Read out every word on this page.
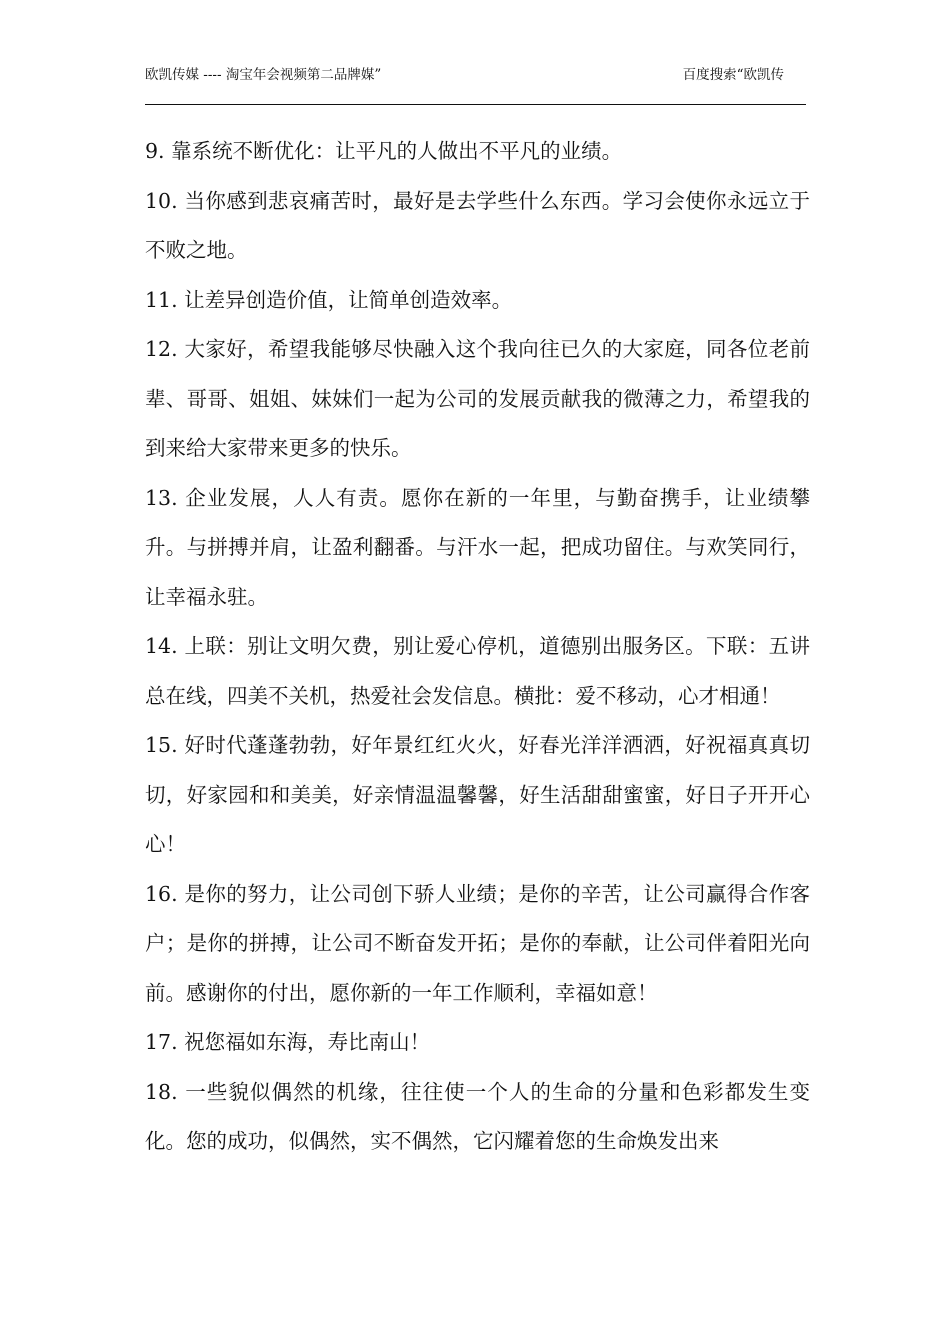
欧凯传媒 ---- 淘宝年会视频第二品牌媒”	百度搜索“欧凯传

9. 靠系统不断优化：让平凡的人做出不平凡的业绩。

10. 当你感到悲哀痛苦时，最好是去学些什么东西。学习会使你永远立于不败之地。

11. 让差异创造价值，让简单创造效率。

12. 大家好，希望我能够尽快融入这个我向往已久的大家庭，同各位老前辈、哥哥、姐姐、妹妹们一起为公司的发展贡献我的微薄之力，希望我的到来给大家带来更多的快乐。

13. 企业发展，人人有责。愿你在新的一年里，与勤奋携手，让业绩攀升。与拼搏并肩，让盈利翻番。与汗水一起，把成功留住。与欢笑同行，让幸福永驻。

14. 上联：别让文明欠费，别让爱心停机，道德别出服务区。下联：五讲总在线，四美不关机，热爱社会发信息。横批：爱不移动，心才相通！

15. 好时代蓬蓬勃勃，好年景红红火火，好春光洋洋洒洒，好祝福真真切切，好家园和和美美，好亲情温温馨馨，好生活甜甜蜜蜜，好日子开开心心！

16. 是你的努力，让公司创下骄人业绩；是你的辛苦，让公司赢得合作客户；是你的拼搏，让公司不断奋发开拓；是你的奉献，让公司伴着阳光向前。感谢你的付出，愿你新的一年工作顺利，幸福如意！

17. 祝您福如东海，寿比南山！

18. 一些貌似偶然的机缘，往往使一个人的生命的分量和色彩都发生变化。您的成功，似偶然，实不偶然，它闪耀着您的生命焕发出来
